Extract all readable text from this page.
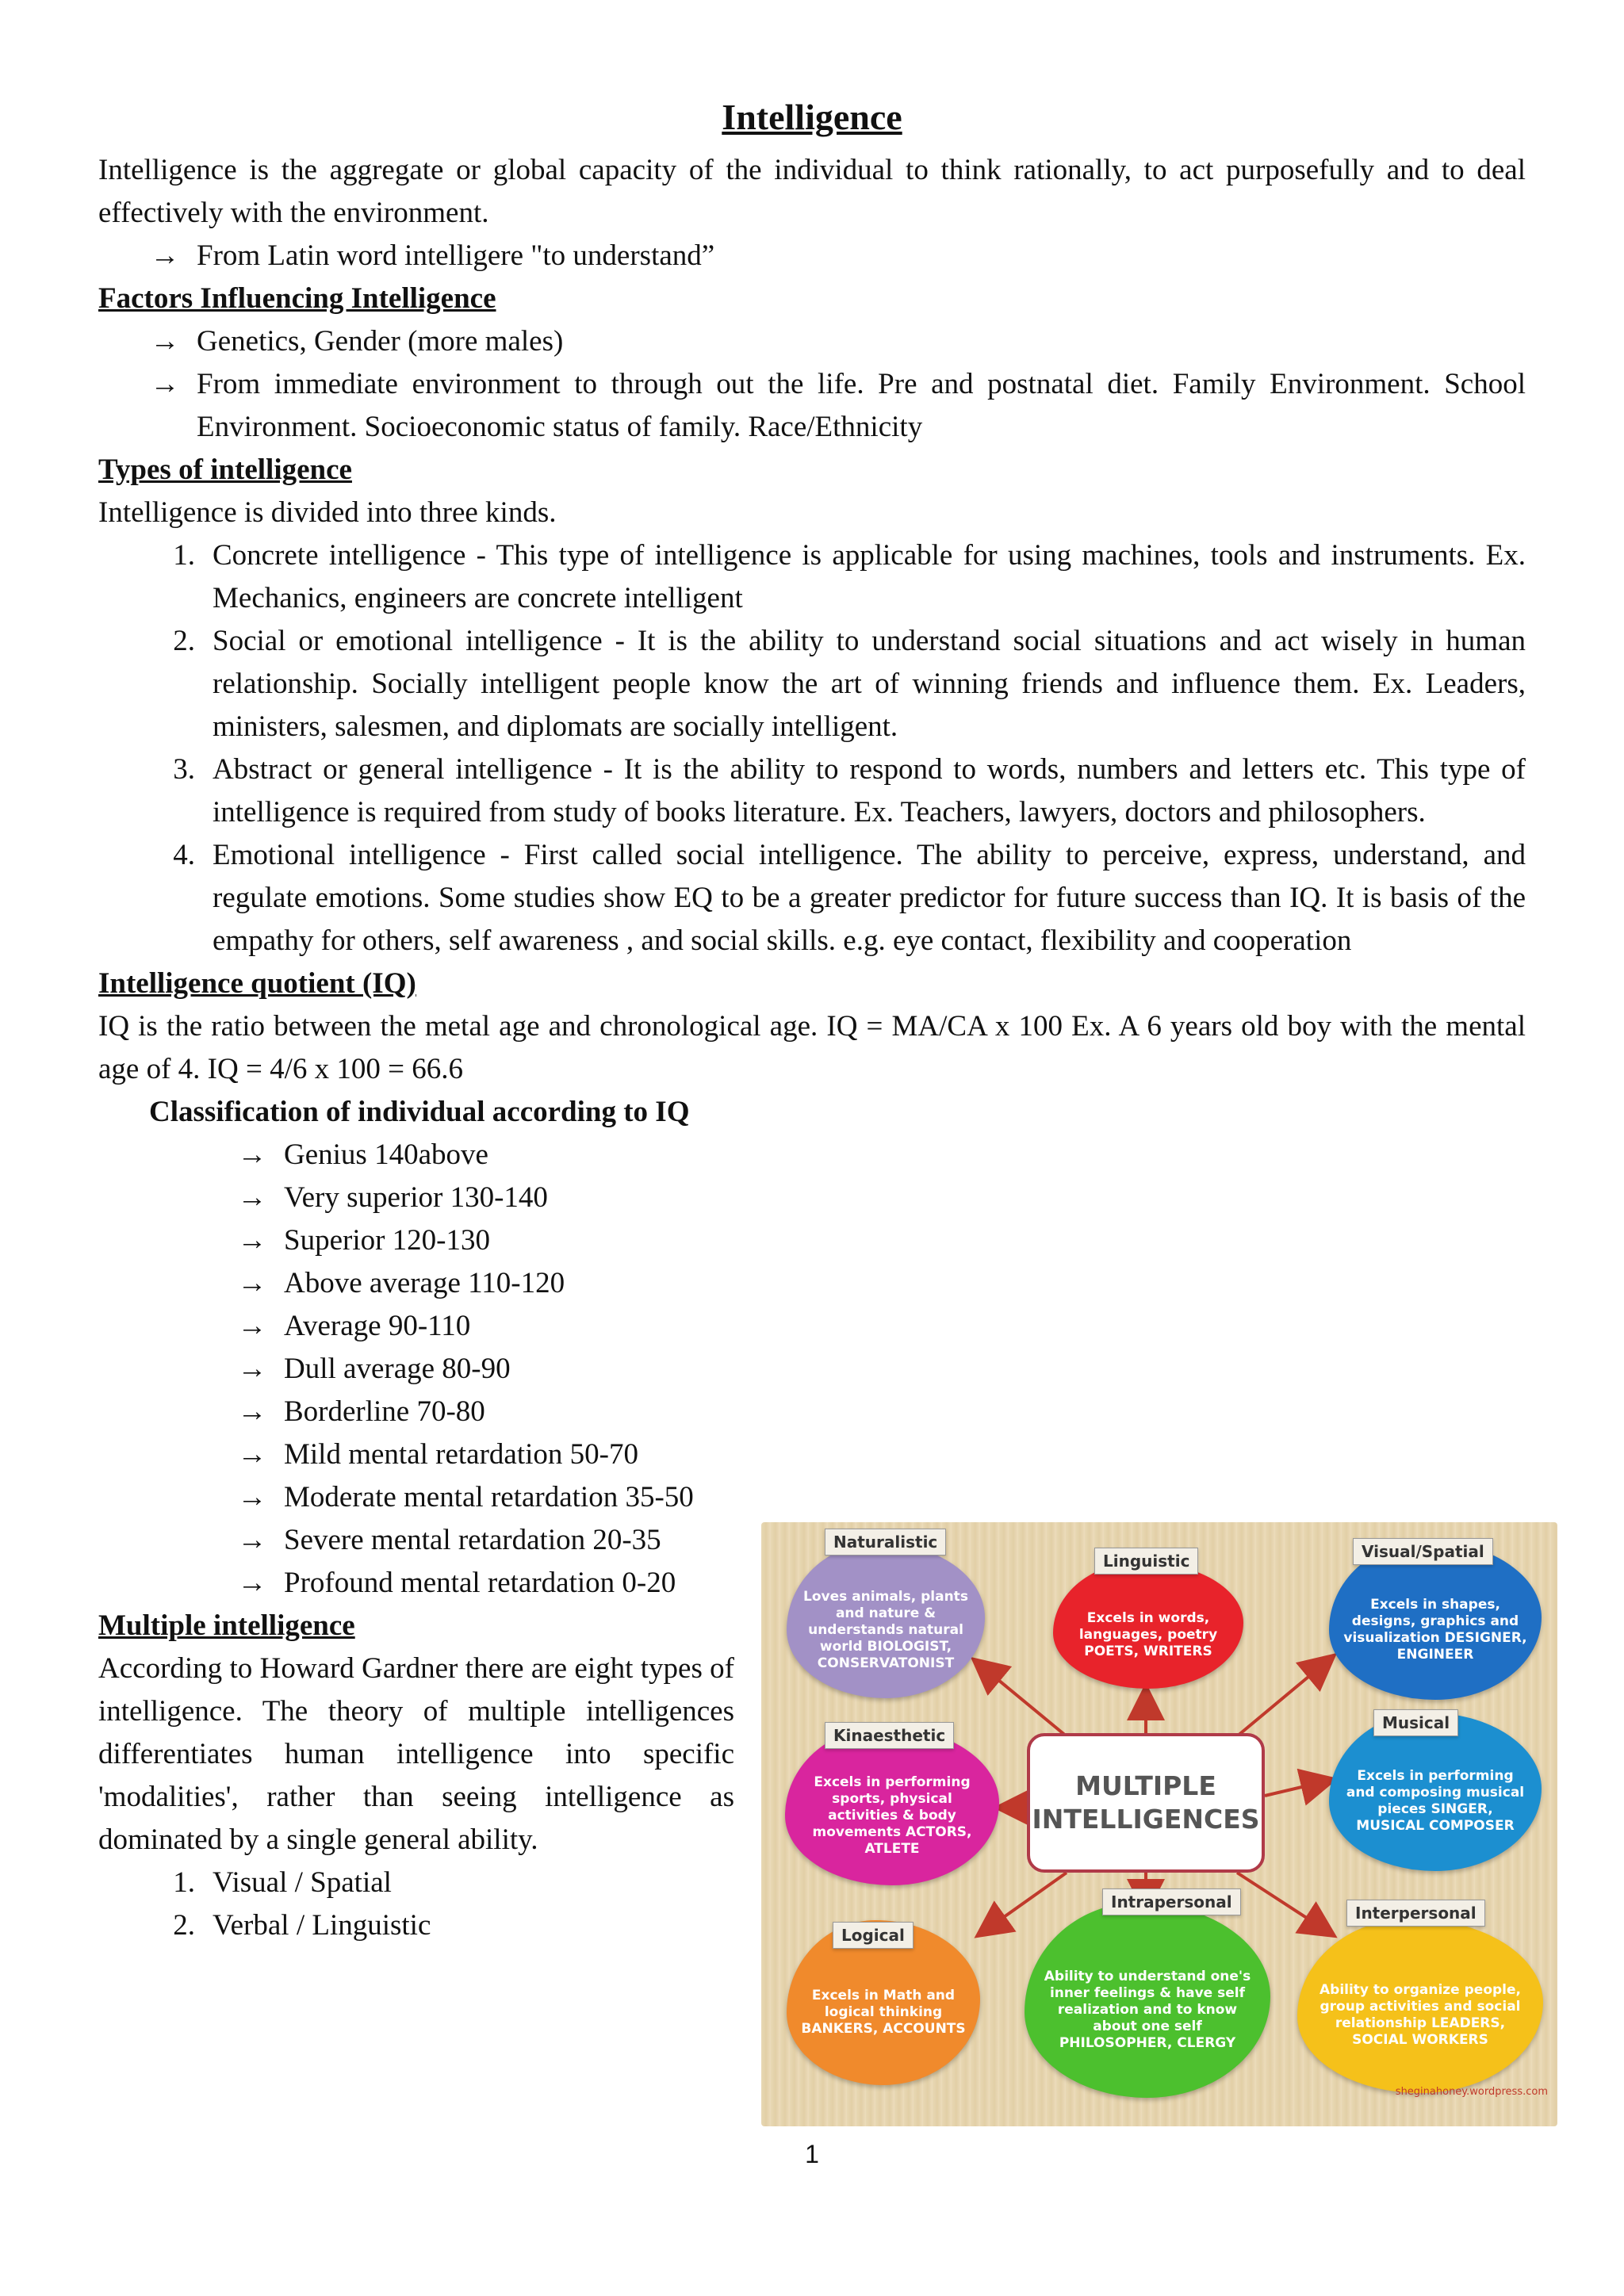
Intelligence

Intelligence is the aggregate or global capacity of the individual to think rationally, to act purposefully and to deal effectively with the environment.

→ From Latin word intelligere "to understand”

Factors Influencing Intelligence

→ Genetics, Gender (more males)
→ From immediate environment to through out the life. Pre and postnatal diet. Family Environment. School Environment. Socioeconomic status of family. Race/Ethnicity

Types of intelligence

Intelligence is divided into three kinds.

1. Concrete intelligence - This type of intelligence is applicable for using machines, tools and instruments. Ex. Mechanics, engineers are concrete intelligent
2. Social or emotional intelligence - It is the ability to understand social situations and act wisely in human relationship. Socially intelligent people know the art of winning friends and influence them. Ex. Leaders, ministers, salesmen, and diplomats are socially intelligent.
3. Abstract or general intelligence - It is the ability to respond to words, numbers and letters etc. This type of intelligence is required from study of books literature. Ex. Teachers, lawyers, doctors and philosophers.
4. Emotional intelligence - First called social intelligence. The ability to perceive, express, understand, and regulate emotions. Some studies show EQ to be a greater predictor for future success than IQ. It is basis of the empathy for others, self awareness , and social skills. e.g. eye contact, flexibility and cooperation

Intelligence quotient (IQ)

IQ is the ratio between the metal age and chronological age. IQ = MA/CA x 100 Ex. A 6 years old boy with the mental age of 4. IQ = 4/6 x 100 = 66.6

Classification of individual according to IQ

→ Genius 140above
→ Very superior 130-140
→ Superior 120-130
→ Above average 110-120
→ Average 90-110
→ Dull average 80-90
→ Borderline 70-80
→ Mild mental retardation 50-70
→ Moderate mental retardation 35-50
→ Severe mental retardation 20-35
→ Profound mental retardation 0-20

Multiple intelligence

According to Howard Gardner there are eight types of intelligence. The theory of multiple intelligences differentiates human intelligence into specific 'modalities', rather than seeing intelligence as dominated by a single general ability.

1. Visual / Spatial
2. Verbal / Linguistic
Loves animals, plants and nature & understands natural world BIOLOGIST, CONSERVATONIST
Naturalistic
Excels in words, languages, poetry POETS, WRITERS
Linguistic
Excels in shapes, designs, graphics and visualization DESIGNER, ENGINEER
Visual/Spatial
Excels in performing sports, physical activities & body movements ACTORS, ATLETE
Kinaesthetic
Excels in performing and composing musical pieces SINGER, MUSICAL COMPOSER
Musical
Excels in Math and logical thinking BANKERS, ACCOUNTS
Logical
Ability to understand one's inner feelings & have self realization and to know about one self PHILOSOPHER, CLERGY
Intrapersonal
Ability to organize people, group activities and social relationship LEADERS, SOCIAL WORKERS
Interpersonal
MULTIPLE INTELLIGENCES
sheginahoney.wordpress.com
1
